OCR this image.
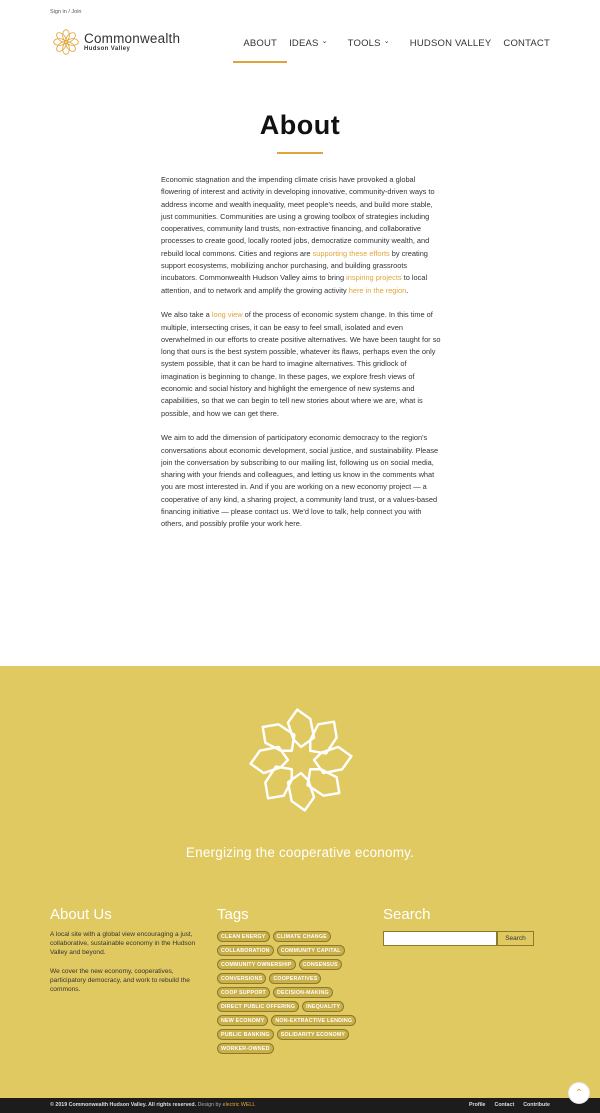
Sign in / Join
Commonwealth
Hudson Valley
ABOUT IDEAS ⌄	TOOLS ⌄	HUDSON VALLEY CONTACT
About

Economic stagnation and the impending climate crisis have provoked a global flowering of interest and activity in developing innovative, community-driven ways to address income and wealth inequality, meet people's needs, and build more stable, just communities. Communities are using a growing toolbox of strategies including cooperatives, community land trusts, non-extractive financing, and collaborative processes to create good, locally rooted jobs, democratize community wealth, and rebuild local commons. Cities and regions are supporting these efforts by creating support ecosystems, mobilizing anchor purchasing, and building grassroots incubators. Commonwealth Hudson Valley aims to bring inspiring projects to local attention, and to network and amplify the growing activity here in the region.

We also take a long view of the process of economic system change. In this time of multiple, intersecting crises, it can be easy to feel small, isolated and even overwhelmed in our efforts to create positive alternatives. We have been taught for so long that ours is the best system possible, whatever its flaws, perhaps even the only system possible, that it can be hard to imagine alternatives. This gridlock of imagination is beginning to change. In these pages, we explore fresh views of economic and social history and highlight the emergence of new systems and capabilities, so that we can begin to tell new stories about where we are, what is possible, and how we can get there.

We aim to add the dimension of participatory economic democracy to the region's conversations about economic development, social justice, and sustainability. Please join the conversation by subscribing to our mailing list, following us on social media, sharing with your friends and colleagues, and letting us know in the comments what you are most interested in. And if you are working on a new economy project — a cooperative of any kind, a sharing project, a community land trust, or a values-based financing initiative — please contact us. We'd love to talk, help connect you with others, and possibly profile your work here.

Energizing the cooperative economy.
About Us

A local site with a global view encouraging a just, collaborative, sustainable economy in the Hudson Valley and beyond.

We cover the new economy, cooperatives, participatory democracy, and work to rebuild the commons.

Tags
CLEAN ENERGY	CLIMATE CHANGE
COLLABORATION	COMMUNITY CAPITAL
COMMUNITY OWNERSHIP	CONSENSUS
CONVERSIONS	COOPERATIVES
COOP SUPPORT	DECISION-MAKING
DIRECT PUBLIC OFFERING	INEQUALITY
NEW ECONOMY	NON-EXTRACTIVE LENDING
PUBLIC BANKING	SOLIDARITY ECONOMY
WORKER-OWNED
Search
Search
© 2019 Commonwealth Hudson Valley. All rights reserved. Design by electric WELL	Profile Contact Contribute
⌃
